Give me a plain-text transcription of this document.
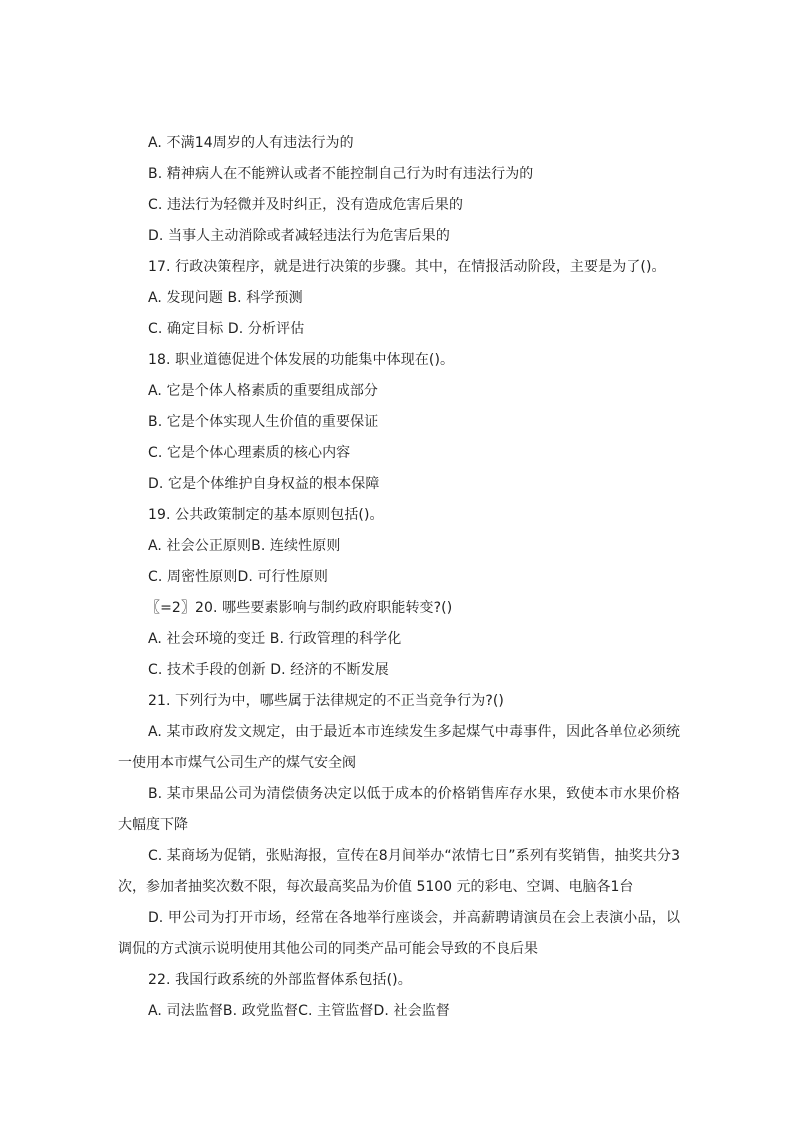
A. 不满14周岁的人有违法行为的
B. 精神病人在不能辨认或者不能控制自己行为时有违法行为的
C. 违法行为轻微并及时纠正，没有造成危害后果的
D. 当事人主动消除或者减轻违法行为危害后果的
17. 行政决策程序，就是进行决策的步骤。其中，在情报活动阶段，主要是为了()。
A. 发现问题 B. 科学预测
C. 确定目标 D. 分析评估
18. 职业道德促进个体发展的功能集中体现在()。
A. 它是个体人格素质的重要组成部分
B. 它是个体实现人生价值的重要保证
C. 它是个体心理素质的核心内容
D. 它是个体维护自身权益的根本保障
19. 公共政策制定的基本原则包括()。
A. 社会公正原则B. 连续性原则
C. 周密性原则D. 可行性原则
〖=2〗20. 哪些要素影响与制约政府职能转变?()
A. 社会环境的变迁 B. 行政管理的科学化
C. 技术手段的创新 D. 经济的不断发展
21. 下列行为中，哪些属于法律规定的不正当竞争行为?()

A. 某市政府发文规定，由于最近本市连续发生多起煤气中毒事件，因此各单位必须统一使用本市煤气公司生产的煤气安全阀

B. 某市果品公司为清偿债务决定以低于成本的价格销售库存水果，致使本市水果价格大幅度下降

C. 某商场为促销，张贴海报，宣传在8月间举办“浓情七日”系列有奖销售，抽奖共分3次，参加者抽奖次数不限，每次最高奖品为价值 5100 元的彩电、空调、电脑各1台

D. 甲公司为打开市场，经常在各地举行座谈会，并高薪聘请演员在会上表演小品，以调侃的方式演示说明使用其他公司的同类产品可能会导致的不良后果

22. 我国行政系统的外部监督体系包括()。
A. 司法监督B. 政党监督C. 主管监督D. 社会监督
